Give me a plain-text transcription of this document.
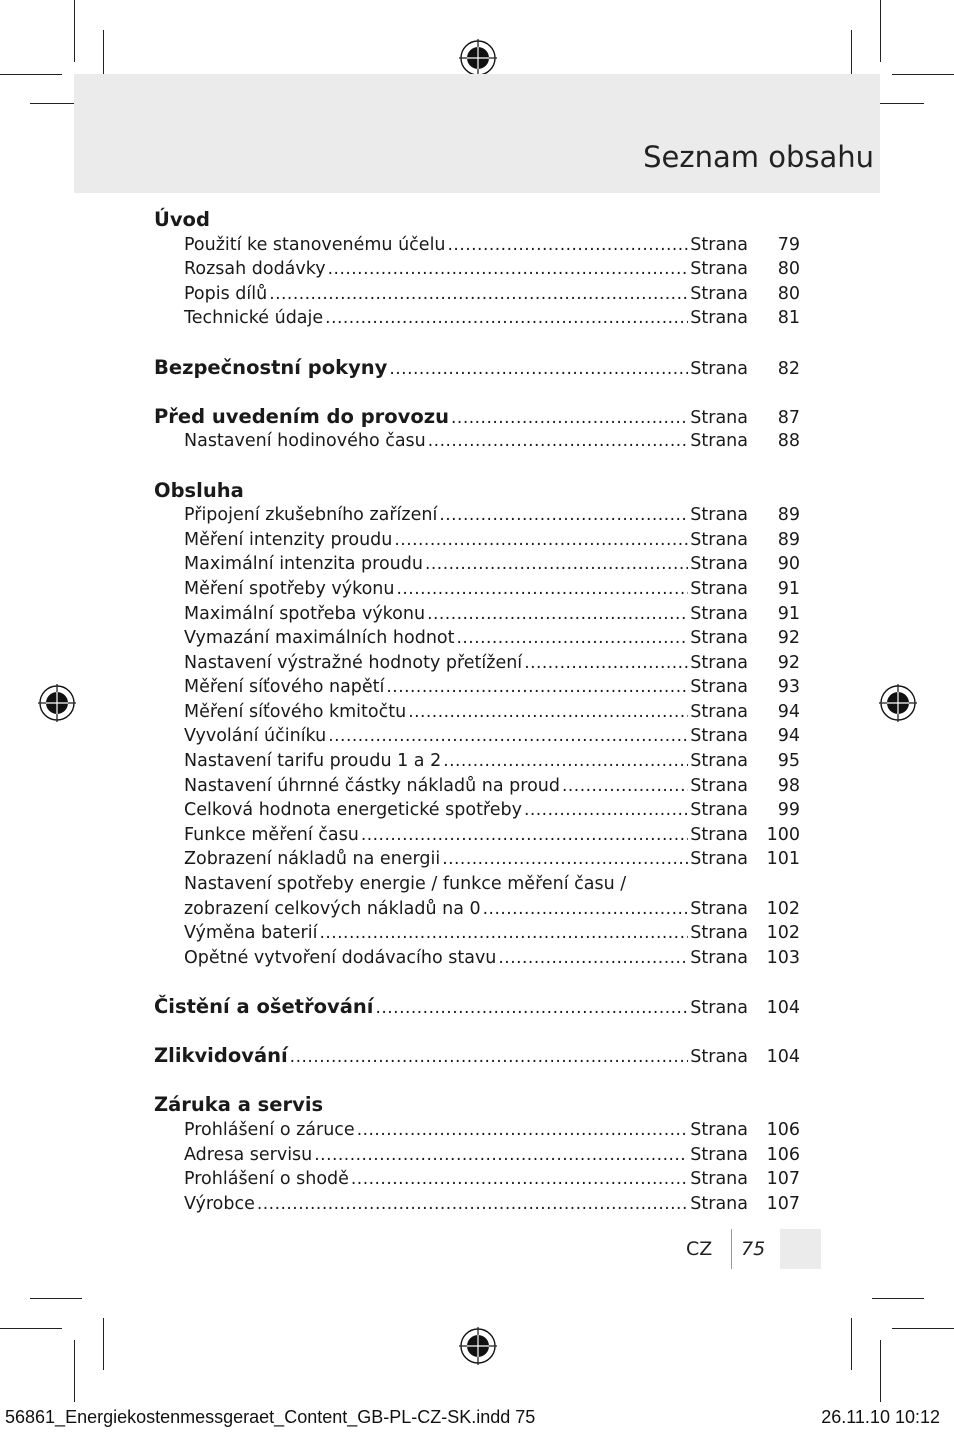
Seznam obsahu
Úvod
Použití ke stanovenému účelu .....	Strana	79
Rozsah dodávky .....	Strana	80
Popis dílů .....	Strana	80
Technické údaje .....	Strana	81
Bezpečnostní pokyny .....	Strana	82
Před uvedením do provozu .....	Strana	87
Nastavení hodinového času .....	Strana	88
Obsluha
Připojení zkušebního zařízení .....	Strana	89
Měření intenzity proudu .....	Strana	89
Maximální intenzita proudu .....	Strana	90
Měření spotřeby výkonu .....	Strana	91
Maximální spotřeba výkonu .....	Strana	91
Vymazání maximálních hodnot .....	Strana	92
Nastavení výstražné hodnoty přetížení .....	Strana	92
Měření síťového napětí .....	Strana	93
Měření síťového kmitočtu .....	Strana	94
Vyvolání účiníku .....	Strana	94
Nastavení tarifu proudu 1 a 2 .....	Strana	95
Nastavení úhrnné částky nákladů na proud .....	Strana	98
Celková hodnota energetické spotřeby .....	Strana	99
Funkce měření času .....	Strana	100
Zobrazení nákladů na energii .....	Strana	101
Nastavení spotřeby energie / funkce měření času /
zobrazení celkových nákladů na 0 .....	Strana	102
Výměna baterií .....	Strana	102
Opětné vytvoření dodávacího stavu .....	Strana	103
Čistění a ošetřování .....	Strana	104
Zlikvidování .....	Strana	104
Záruka a servis
Prohlášení o záruce .....	Strana	106
Adresa servisu .....	Strana	106
Prohlášení o shodě .....	Strana	107
Výrobce .....	Strana	107
CZ 75
56861_Energiekostenmessgeraet_Content_GB-PL-CZ-SK.indd 75	26.11.10 10:12
